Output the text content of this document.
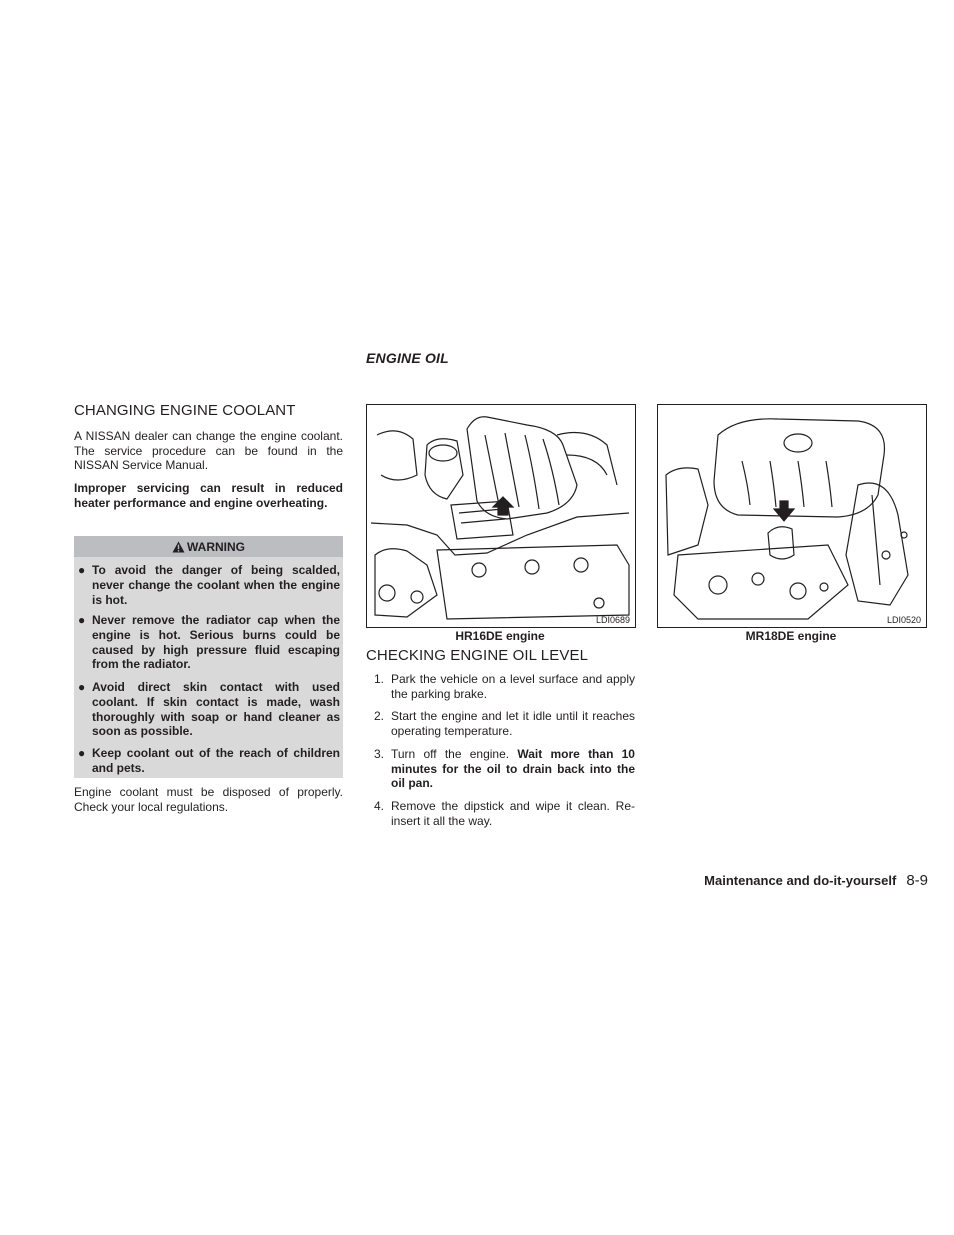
ENGINE OIL
CHANGING ENGINE COOLANT
A NISSAN dealer can change the engine coolant. The service procedure can be found in the NISSAN Service Manual.
Improper servicing can result in reduced heater performance and engine overheating.
WARNING
● To avoid the danger of being scalded, never change the coolant when the engine is hot.
● Never remove the radiator cap when the engine is hot. Serious burns could be caused by high pressure fluid escaping from the radiator.
● Avoid direct skin contact with used coolant. If skin contact is made, wash thoroughly with soap or hand cleaner as soon as possible.
● Keep coolant out of the reach of children and pets.
Engine coolant must be disposed of properly. Check your local regulations.
LDI0689
HR16DE engine
LDI0520
MR18DE engine
CHECKING ENGINE OIL LEVEL
1. Park the vehicle on a level surface and apply the parking brake.
2. Start the engine and let it idle until it reaches operating temperature.
3. Turn off the engine. Wait more than 10 minutes for the oil to drain back into the oil pan.
4. Remove the dipstick and wipe it clean. Re-insert it all the way.
Maintenance and do-it-yourself 8-9
